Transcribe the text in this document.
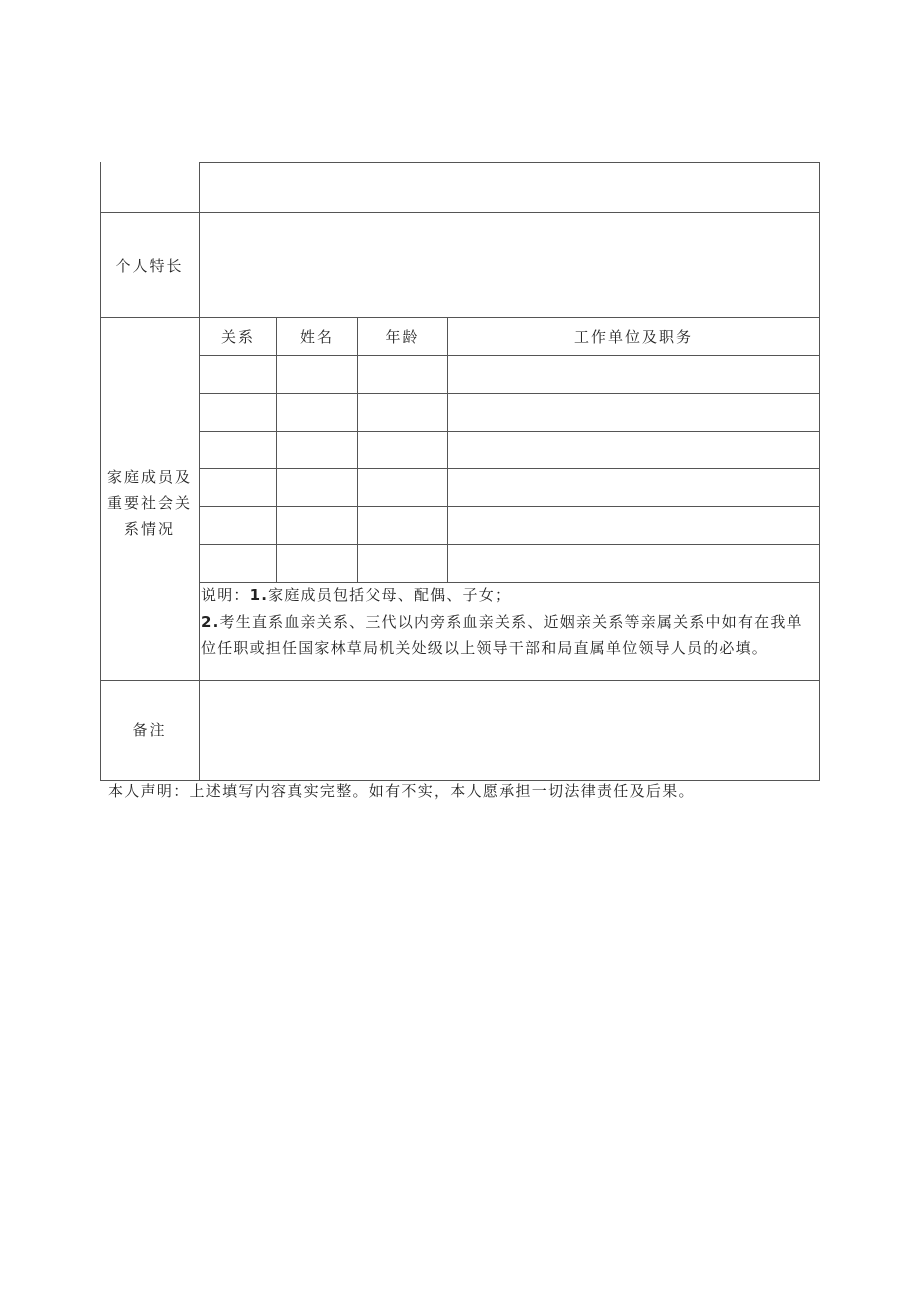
个人特长
家庭成员及
重要社会关
系情况
关系	姓名	年龄	工作单位及职务
说明：1.家庭成员包括父母、配偶、子女；
2.考生直系血亲关系、三代以内旁系血亲关系、近姻亲关系等亲属关系中如有在我单位任职或担任国家林草局机关处级以上领导干部和局直属单位领导人员的必填。
备注
本人声明：上述填写内容真实完整。如有不实，本人愿承担一切法律责任及后果。
